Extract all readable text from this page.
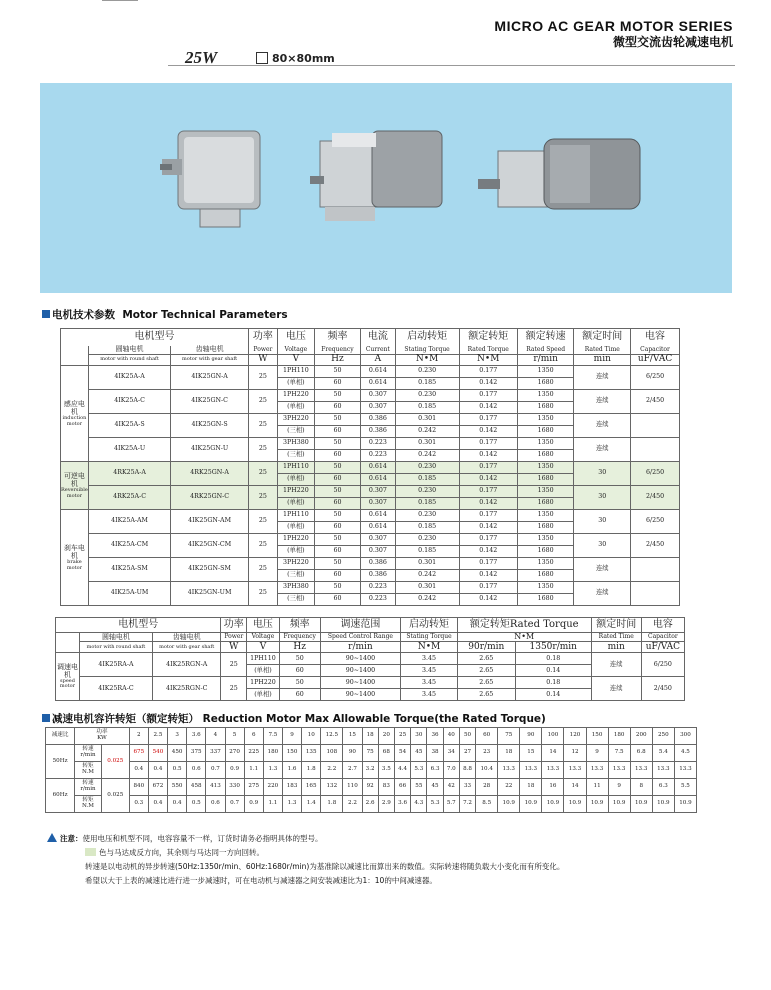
MICRO AC GEAR MOTOR SERIES
微型交流齿轮减速电机
25W	80×80mm
电机技术参数 Motor Technical Parameters
电机型号			功率	电压	频率	电流	启动转矩	额定转矩	额定转速	额定时间	电容
	圆轴电机	齿轴电机	Power	Voltage	Frequency	Current	Stating Torque	Rated Torque	Rated Speed	Rated Time	Capacitor
	motor with round shaft	motor with gear shaft	W	V	Hz	A	N•M	N•M	r/min	min	uF/VAC
感应电机
induction motor	4IK25A-A	4IK25GN-A	25	1PH110	50	0.614	0.230	0.177	1350	连续	6/250
				(单相)	60	0.614	0.185	0.142	1680		
	4IK25A-C	4IK25GN-C	25	1PH220	50	0.307	0.230	0.177	1350	连续	2/450
				(单相)	60	0.307	0.185	0.142	1680		
	4IK25A-S	4IK25GN-S	25	3PH220	50	0.386	0.301	0.177	1350	连续	
				(三相)	60	0.386	0.242	0.142	1680		
	4IK25A-U	4IK25GN-U	25	3PH380	50	0.223	0.301	0.177	1350	连续	
				(三相)	60	0.223	0.242	0.142	1680		
可逆电机
Reversible motor	4RK25A-A	4RK25GN-A	25	1PH110	50	0.614	0.230	0.177	1350	30	6/250
				(单相)	60	0.614	0.185	0.142	1680		
	4RK25A-C	4RK25GN-C	25	1PH220	50	0.307	0.230	0.177	1350	30	2/450
				(单相)	60	0.307	0.185	0.142	1680		
刹车电机
brake motor	4IK25A-AM	4IK25GN-AM	25	1PH110	50	0.614	0.230	0.177	1350	30	6/250
				(单相)	60	0.614	0.185	0.142	1680		
	4IK25A-CM	4IK25GN-CM	25	1PH220	50	0.307	0.230	0.177	1350	30	2/450
				(单相)	60	0.307	0.185	0.142	1680		
	4IK25A-SM	4IK25GN-SM	25	3PH220	50	0.386	0.301	0.177	1350	连续	
				(三相)	60	0.386	0.242	0.142	1680		
	4IK25A-UM	4IK25GN-UM	25	3PH380	50	0.223	0.301	0.177	1350	连续	
				(三相)	60	0.223	0.242	0.142	1680		
电机型号			功率	电压	频率	调速范围	启动转矩	额定转矩Rated Torque		额定时间	电容
	圆轴电机	齿轴电机	Power	Voltage	Frequency	Speed Control Range	Stating Torque	N•M		Rated Time	Capacitor
	motor with round shaft	motor with gear shaft	W	V	Hz	r/min	N•M	90r/min	1350r/min	min	uF/VAC
调速电机
speed motor	4IK25RA-A	4IK25RGN-A	25	1PH110	50	90~1400	3.45	2.65	0.18	连续	6/250
				(单相)	60	90~1400	3.45	2.65	0.14		
	4IK25RA-C	4IK25RGN-C	25	1PH220	50	90~1400	3.45	2.65	0.18	连续	2/450
				(单相)	60	90~1400	3.45	2.65	0.14		
减速电机容许转矩（额定转矩） Reduction Motor Max Allowable Torque(the Rated Torque)
减速比	功率
KW		2	2.5	3	3.6	4	5	6	7.5	9	10	12.5	15	18	20	25	30	36	40	50	60	75	90	100	120	150	180	200	250	300
50Hz	转速
r/min	0.025	675	540	450	375	337	270	225	180	150	135	108	90	75	68	54	45	38	34	27	23	18	15	14	12	9	7.5	6.8	5.4	4.5

	转矩
N.M		0.4	0.4	0.5	0.6	0.7	0.9	1.1	1.3	1.6	1.8	2.2	2.7	3.2	3.5	4.4	5.3	6.3	7.0	8.8	10.4	13.3	13.3	13.3	13.3	13.3	13.3	13.3	13.3	13.3
60Hz	转速
r/min	0.025	840	672	550	458	413	330	275	220	183	165	132	110	92	83	66	55	45	42	33	28	22	18	16	14	11	9	8	6.3	5.5

	转矩
N.M		0.3	0.4	0.4	0.5	0.6	0.7	0.9	1.1	1.3	1.4	1.8	2.2	2.6	2.9	3.6	4.3	5.3	5.7	7.2	8.5	10.9	10.9	10.9	10.9	10.9	10.9	10.9	10.9	10.9
注意：使用电压和机型不同，电容容量不一样，订货时请务必指明具体的型号。
色与马达成反方向，其余则与马达同一方向回转。
转速是以电动机的异步转速(50Hz:1350r/min、60Hz:1680r/min)为基准除以减速比而算出来的数值。实际转速将随负载大小变化而有所变化。
希望以大于上表的减速比进行进一步减速时，可在电动机与减速器之间安装减速比为1：10的中间减速器。
